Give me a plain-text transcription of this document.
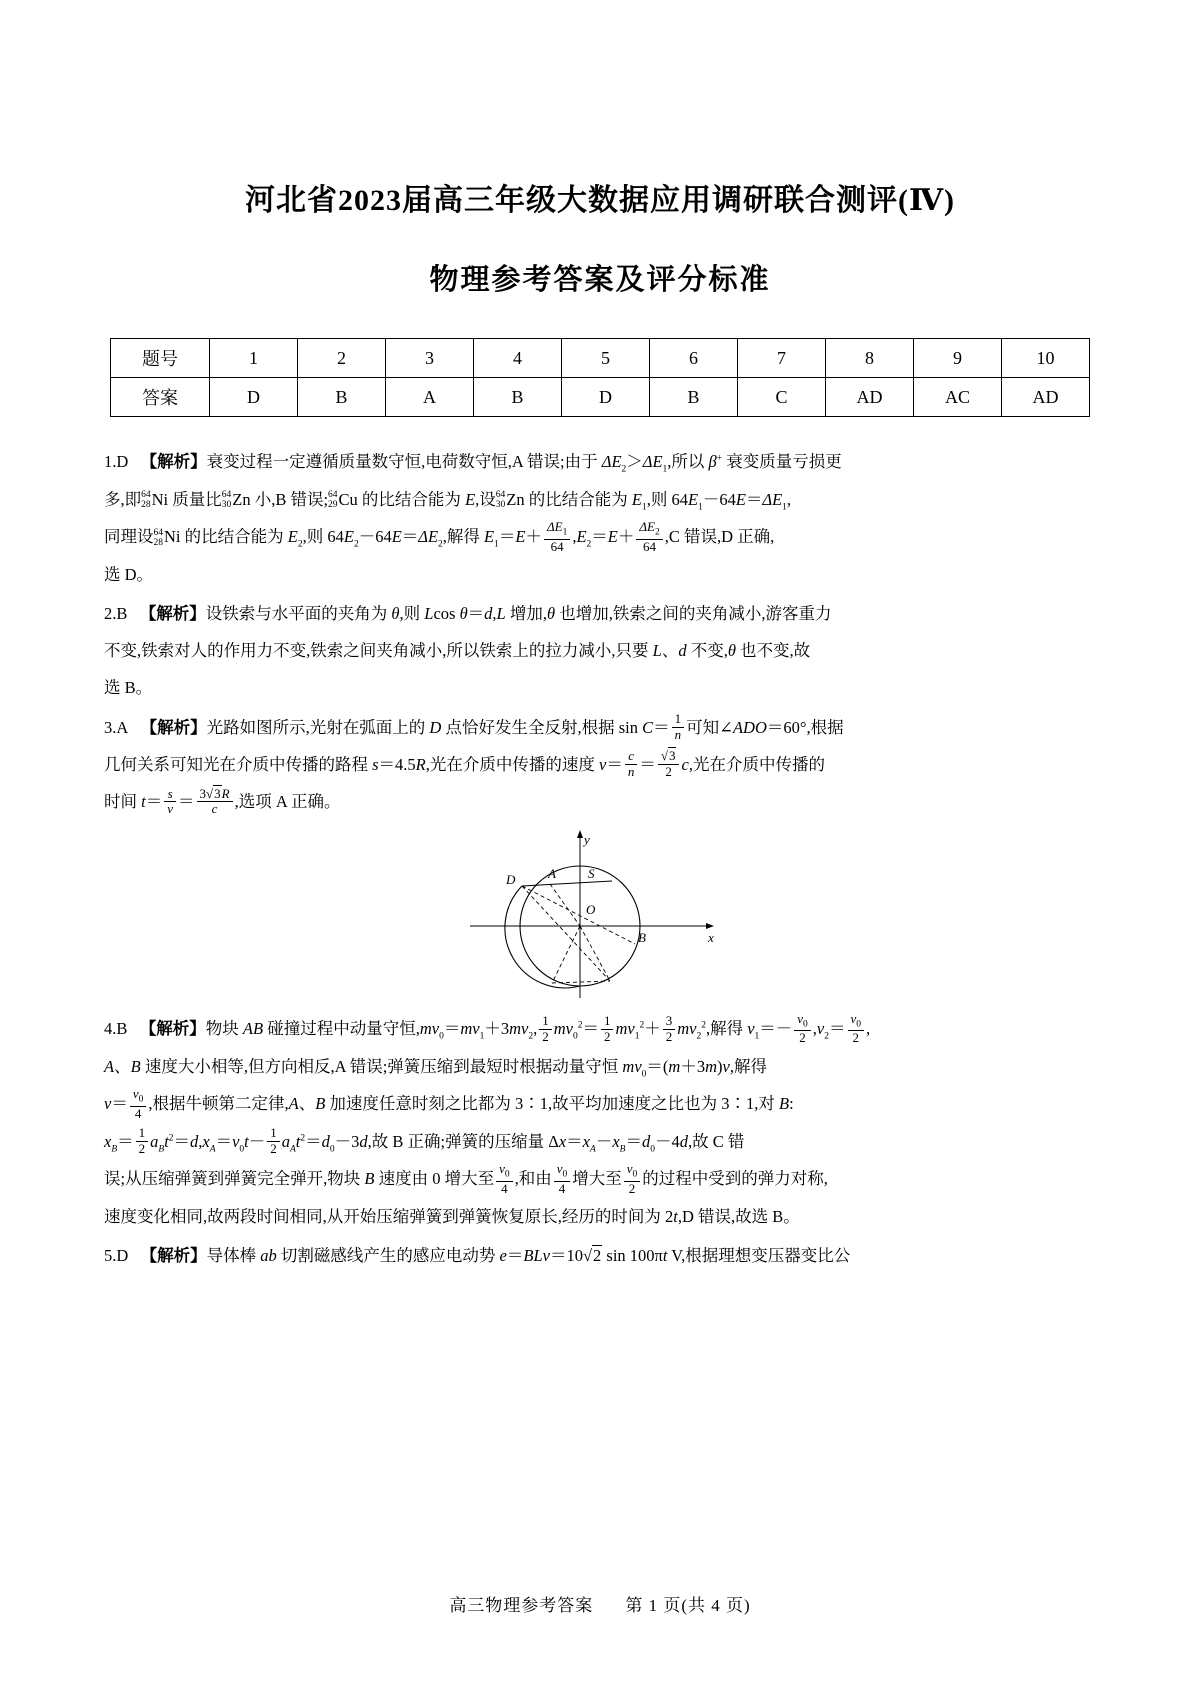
河北省2023届高三年级大数据应用调研联合测评(Ⅳ)
物理参考答案及评分标准
题号	1	2	3	4	5	6	7	8	9	10
答案	D	B	A	B	D	B	C	AD	AC	AD
1.D 【解析】衰变过程一定遵循质量数守恒,电荷数守恒,A 错误;由于 $\Delta E_2>\Delta E_1$,所以 β+ 衰变质量亏损更
多,即 64
28 Ni 质量比 64
30 Zn 小,B 错误; 64
29 Cu 的比结合能为 E,设 64
30 Zn 的比结合能为 $E_1$,则 $64E_1-64E=\Delta E_1$,
同理设 64
28 Ni 的比结合能为 $E_2$,则 $64E_2-64E=\Delta E_2$,解得 $E_1=E+ \frac{\Delta E_1}{64} ,E_2=E+ \frac{\Delta E_2}{64} ,C$ 错误,D 正确,
选 D。
2.B 【解析】设铁索与水平面的夹角为 θ,则 Lcos θ＝d,L 增加,θ 也增加,铁索之间的夹角减小,游客重力
不变,铁索对人的作用力不变,铁索之间夹角减小,所以铁索上的拉力减小,只要 L、d 不变,θ 也不变,故
选 B。
3.A 【解析】光路如图所示,光射在弧面上的 D 点恰好发生全反射,根据 $\sin C= \frac{1}{n}$ 可知∠ADO＝60°,根据
几何关系可知光在介质中传播的路程 s＝4.5R,光在介质中传播的速度 $v= \frac{c}{n} = \frac{√3}{2} c$,光在介质中传播的
时间 $t= \frac{s}{v} = \frac{3√3R}{c}$ ,选项 A 正确。
D	A S
O
B
y
x
4.B 【解析】物块 AB 碰撞过程中动量守恒$,mv_0=mv_1+3mv_2$, $\frac{1}{2} mv_0^2= \frac{1}{2} mv_1^2+ \frac{3}{2} mv_2^2$,解得 $v_1=- \frac{v_0}{2} ,v_2= \frac{v_0}{2}$ ,
A、B 速度大小相等,但方向相反,A 错误;弹簧压缩到最短时根据动量守恒 $mv_0=(m+3m)v$,解得
$v= \frac{v_0}{4}$ ,根据牛顿第二定律,A、B 加速度任意时刻之比都为 3∶1,故平均加速度之比也为 3∶1,对 B:
$x_B= \frac{1}{2} a_Bt^2=d,x_A=v_0t- \frac{1}{2} a_At^2=d_0-3d$,故 B 正确;弹簧的压缩量 $\Delta x=x_A-x_B=d_0-4d$,故 C 错
误;从压缩弹簧到弹簧完全弹开,物块 B 速度由 0 增大至 $\frac{v_0}{4}$ ,和由 $\frac{v_0}{4}$ 增大至 $\frac{v_0}{2}$ 的过程中受到的弹力对称,
速度变化相同,故两段时间相同,从开始压缩弹簧到弹簧恢复原长,经历的时间为 2t,D 错误,故选 B。
5.D 【解析】导体棒 ab 切割磁感线产生的感应电动势 e＝BLv＝10√2 sin 100πt V,根据理想变压器变比公
高三物理参考答案 第 1 页(共 4 页)
